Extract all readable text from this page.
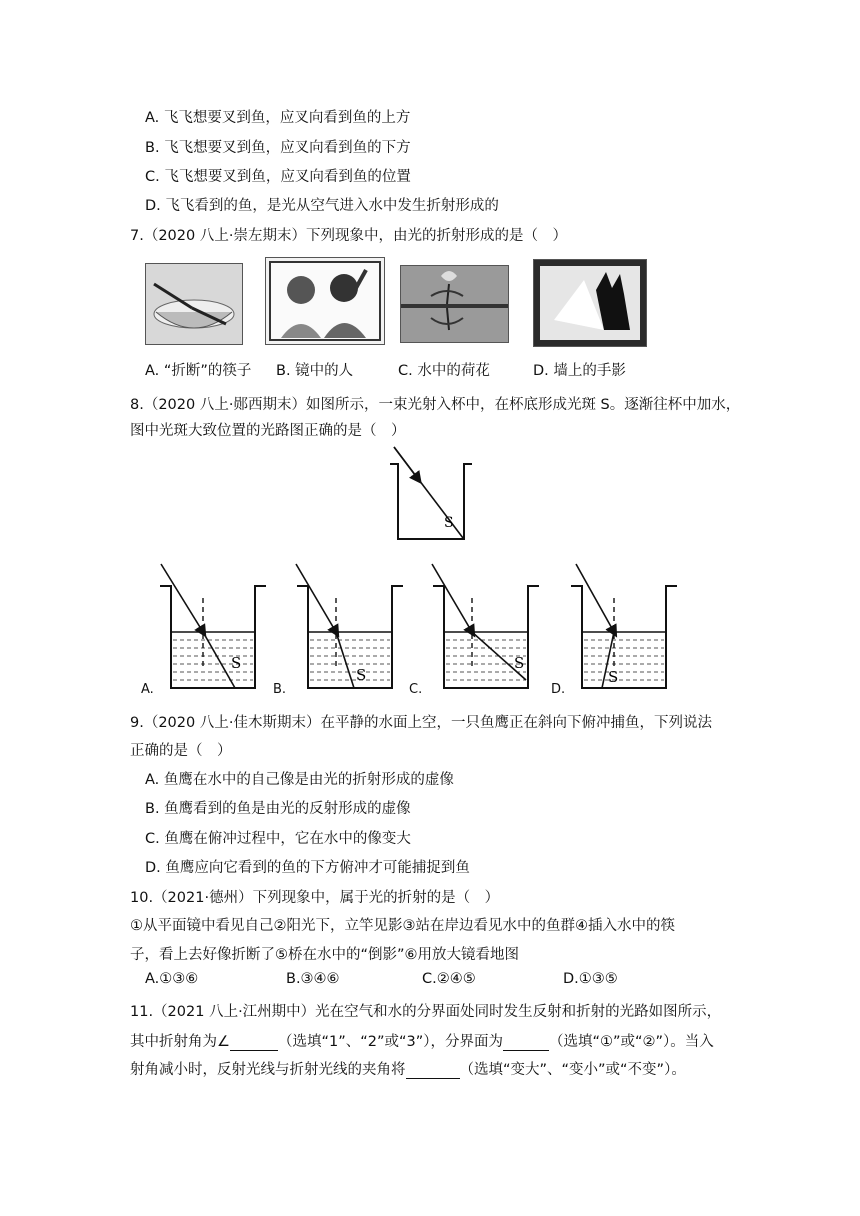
A. 飞飞想要叉到鱼，应叉向看到鱼的上方
B. 飞飞想要叉到鱼，应叉向看到鱼的下方
C. 飞飞想要叉到鱼，应叉向看到鱼的位置
D. 飞飞看到的鱼，是光从空气进入水中发生折射形成的
7.（2020 八上·崇左期末）下列现象中，由光的折射形成的是（　）
A. “折断”的筷子 B. 镜中的人	C. 水中的荷花	D. 墙上的手影
8.（2020 八上·郧西期末）如图所示，一束光射入杯中，在杯底形成光斑 S。逐渐往杯中加水，
图中光斑大致位置的光路图正确的是（　）
S
S
S
S
S
A.	B.	C.	D.
9.（2020 八上·佳木斯期末）在平静的水面上空，一只鱼鹰正在斜向下俯冲捕鱼，下列说法
正确的是（　）
A. 鱼鹰在水中的自己像是由光的折射形成的虚像
B. 鱼鹰看到的鱼是由光的反射形成的虚像
C. 鱼鹰在俯冲过程中，它在水中的像变大
D. 鱼鹰应向它看到的鱼的下方俯冲才可能捕捉到鱼
10.（2021·德州）下列现象中，属于光的折射的是（　）
①从平面镜中看见自己②阳光下，立竿见影③站在岸边看见水中的鱼群④插入水中的筷
子，看上去好像折断了⑤桥在水中的“倒影”⑥用放大镜看地图
A.①③⑥	B.③④⑥	C.②④⑤	D.①③⑤
11.（2021 八上·江州期中）光在空气和水的分界面处同时发生反射和折射的光路如图所示，
其中折射角为∠	（选填“1”、“2”或“3”），分界面为	（选填“①”或“②”）。当入
射角减小时，反射光线与折射光线的夹角将	（选填“变大”、“变小”或“不变”）。
